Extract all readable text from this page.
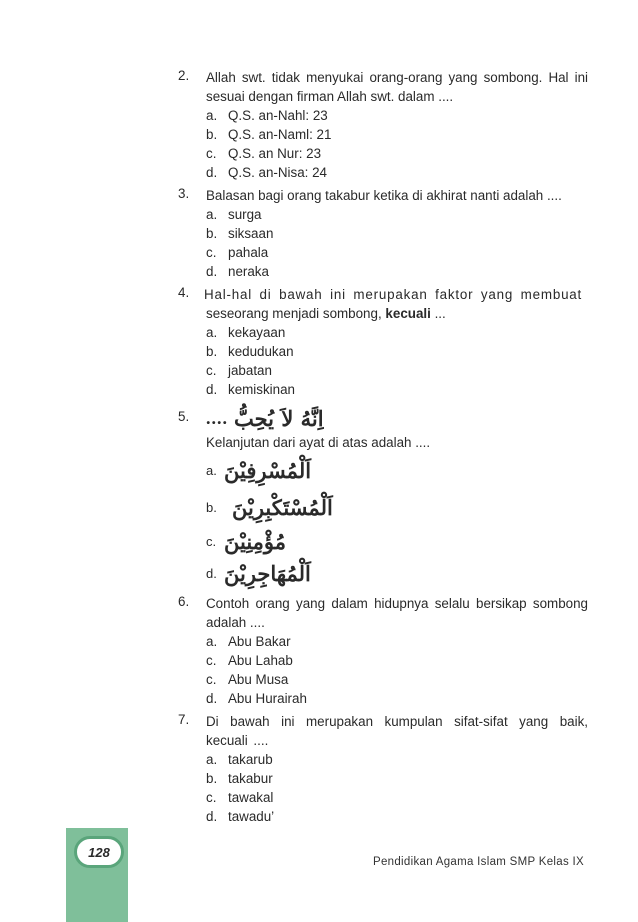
2.	Allah swt. tidak menyukai orang-orang yang sombong. Hal ini sesuai dengan firman Allah swt. dalam ....
a. Q.S. an-Nahl: 23
b. Q.S. an-Naml: 21
c. Q.S. an Nur: 23
d. Q.S. an-Nisa: 24
3.	Balasan bagi orang takabur ketika di akhirat nanti adalah ....
a. surga
b. siksaan
c. pahala
d. neraka
4.	Hal-hal di bawah ini merupakan faktor yang membuat
seseorang menjadi sombong, kecuali ...
a. kekayaan
b. kedudukan
c. jabatan
d. kemiskinan
5. .... اِنَّهُ لاَ يُحِبُّ
Kelanjutan dari ayat di atas adalah ....
a. اَلْمُسْرِفِيْنَ
b. اَلْمُسْتَكْبِرِيْنَ
c. مُؤْمِنِيْنَ
d. اَلْمُهَاجِرِيْنَ
6.	Contoh orang yang dalam hidupnya selalu bersikap sombong adalah ....
a. Abu Bakar
c. Abu Lahab
c. Abu Musa
d. Abu Hurairah
7.	Di bawah ini merupakan kumpulan sifat-sifat yang baik, kecuali ....
a. takarub
b. takabur
c. tawakal
d. tawadu’
128
Pendidikan Agama Islam SMP Kelas IX
